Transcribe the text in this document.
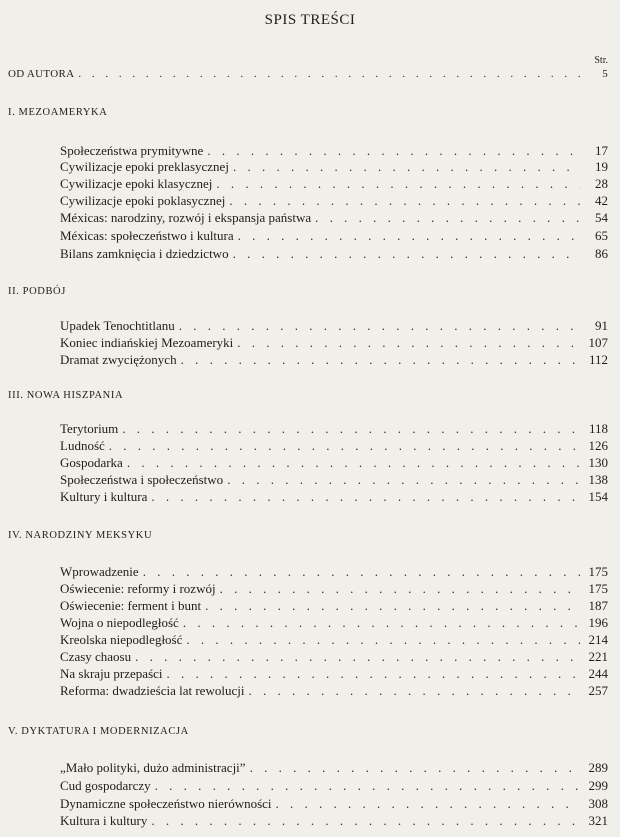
SPIS TREŚCI
Str.
OD AUTORA . . .	5
I. MEZOAMERYKA
Społeczeństwa prymitywne . . .	17
Cywilizacje epoki preklasycznej . . .	19
Cywilizacje epoki klasycznej . . .	28
Cywilizacje epoki poklasycznej . . .	42
Méxicas: narodziny, rozwój i ekspansja państwa . . .	54
Méxicas: społeczeństwo i kultura . . .	65
Bilans zamknięcia i dziedzictwo . . .	86
II. PODBÓJ
Upadek Tenochtitlanu . . .	91
Koniec indiańskiej Mezoameryki . . .	107
Dramat zwyciężonych . . .	112
III. NOWA HISZPANIA
Terytorium . . .	118
Ludność . . .	126
Gospodarka . . .	130
Społeczeństwa i społeczeństwo . . .	138
Kultury i kultura . . .	154
IV. NARODZINY MEKSYKU
Wprowadzenie . . .	175
Oświecenie: reformy i rozwój . . .	175
Oświecenie: ferment i bunt . . .	187
Wojna o niepodległość . . .	196
Kreolska niepodległość . . .	214
Czasy chaosu . . .	221
Na skraju przepaści . . .	244
Reforma: dwadzieścia lat rewolucji . . .	257
V. DYKTATURA I MODERNIZACJA
„Mało polityki, dużo administracji” . . .	289
Cud gospodarczy . . .	299
Dynamiczne społeczeństwo nierówności . . .	308
Kultura i kultury . . .	321
